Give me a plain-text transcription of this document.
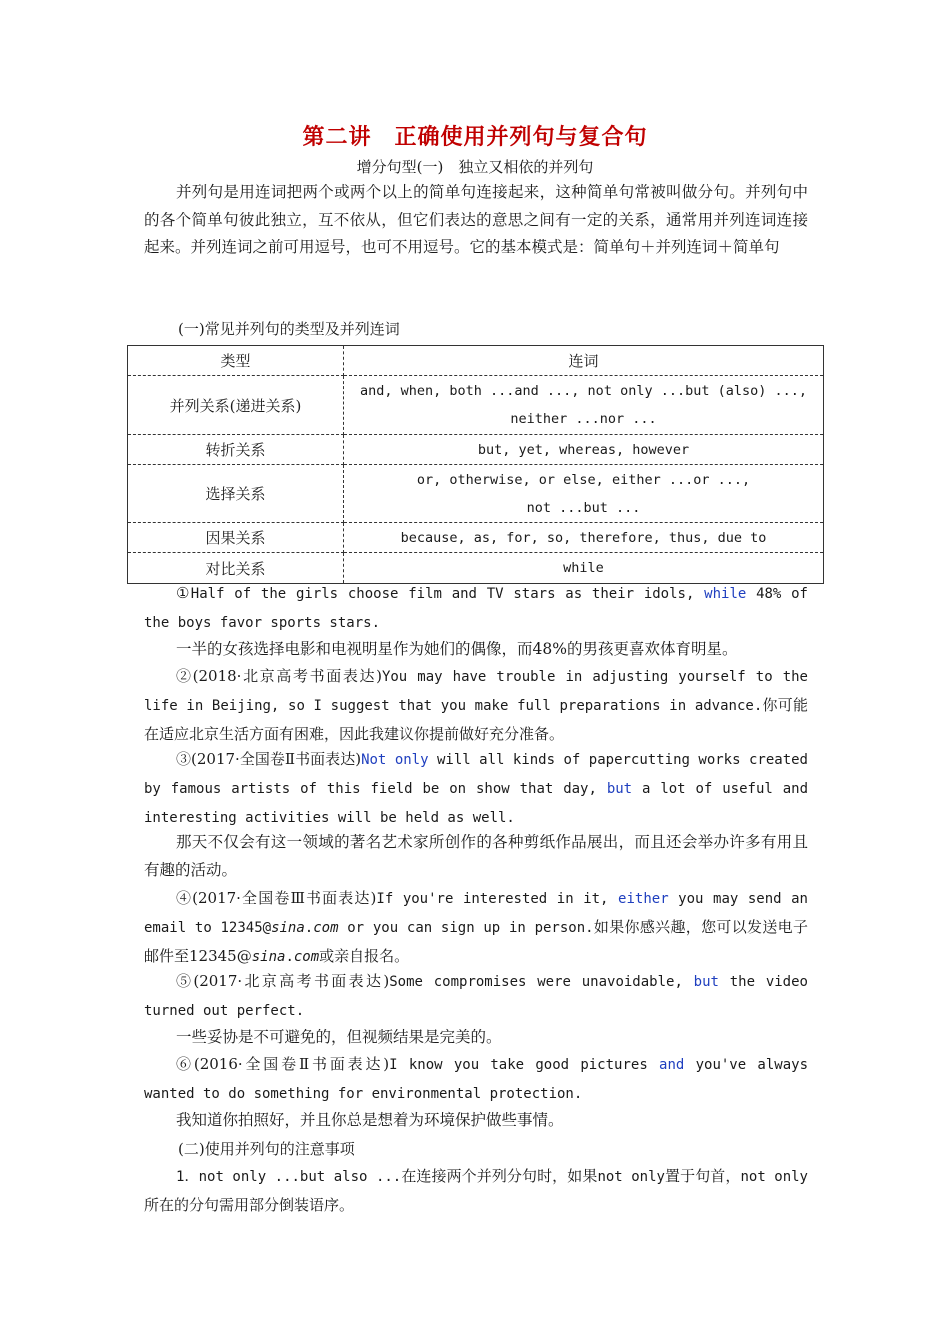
第二讲　正确使用并列句与复合句
增分句型(一)　独立又相依的并列句

并列句是用连词把两个或两个以上的简单句连接起来，这种简单句常被叫做分句。并列句中的各个简单句彼此独立，互不依从，但它们表达的意思之间有一定的关系，通常用并列连词连接起来。并列连词之前可用逗号，也可不用逗号。它的基本模式是：简单句＋并列连词＋简单句

(一)常见并列句的类型及并列连词
类型	连词
并列关系(递进关系)	and, when, both ...and ..., not only ...but (also) ...,
neither ...nor ...

转折关系	but, yet, whereas, however
选择关系	or, otherwise, or else, either ...or ...,
not ...but ...

因果关系	because, as, for, so, therefore, thus, due to
对比关系	while

①Half of the girls choose film and TV stars as their idols, while 48% of the boys favor sports stars.

一半的女孩选择电影和电视明星作为她们的偶像，而48%的男孩更喜欢体育明星。

②(2018·北京高考书面表达)You may have trouble in adjusting yourself to the life in Beijing, so I suggest that you make full preparations in advance.你可能在适应北京生活方面有困难，因此我建议你提前做好充分准备。

③(2017·全国卷Ⅱ书面表达)Not only will all kinds of papercutting works created by famous artists of this field be on show that day, but a lot of useful and interesting activities will be held as well.

那天不仅会有这一领域的著名艺术家所创作的各种剪纸作品展出，而且还会举办许多有用且有趣的活动。

④(2017·全国卷Ⅲ书面表达)If you're interested in it, either you may send an email to 12345@sina.com or you can sign up in person.如果你感兴趣，您可以发送电子邮件至12345@sina.com或亲自报名。

⑤(2017·北京高考书面表达)Some compromises were unavoidable, but the video turned out perfect.

一些妥协是不可避免的，但视频结果是完美的。

⑥(2016·全国卷Ⅱ书面表达)I know you take good pictures and you've always wanted to do something for environmental protection.

我知道你拍照好，并且你总是想着为环境保护做些事情。

(二)使用并列句的注意事项

1．not only ...but also ...在连接两个并列分句时，如果not only置于句首，not only所在的分句需用部分倒装语序。
